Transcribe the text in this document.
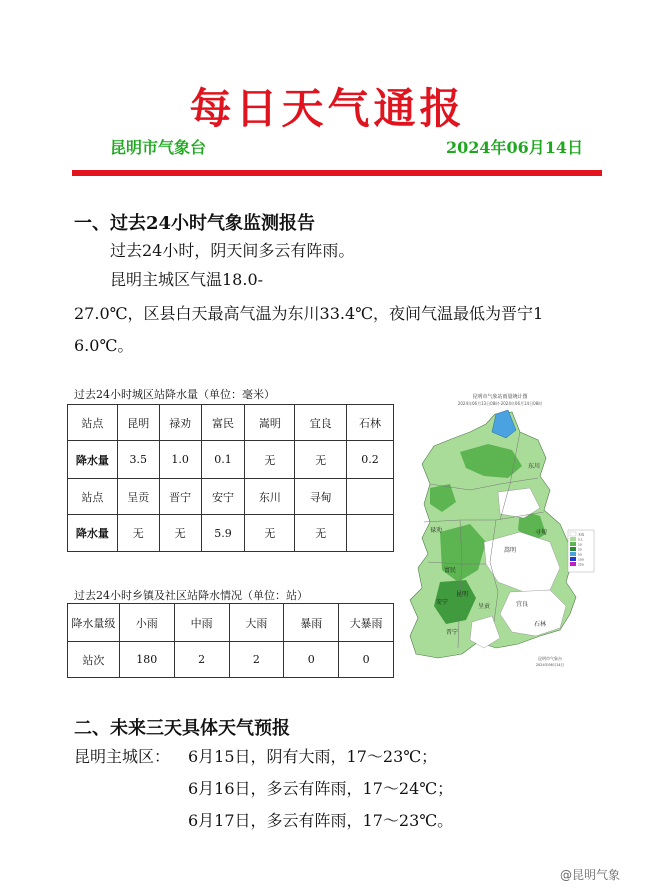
每日天气通报
昆明市气象台	2024年06月14日
一、过去24小时气象监测报告
过去24小时，阴天间多云有阵雨。
昆明主城区气温18.0-
27.0℃，区县白天最高气温为东川33.4℃，夜间气温最低为晋宁1
6.0℃。
过去24小时城区站降水量（单位：毫米）
站点	昆明	禄劝	富民	嵩明	宜良	石林
降水量	3.5	1.0	0.1	无	无	0.2
站点	呈贡	晋宁	安宁	东川	寻甸	
降水量	无	无	5.9	无	无	
过去24小时乡镇及社区站降水情况（单位：站）
降水量级	小雨	中雨	大雨	暴雨	大暴雨
站次	180	2	2	0	0
昆明市气象站雨量统计图
2024年06月13日08时-2024年06月14日08时
东川
禄劝	寻甸
富民
嵩明
安宁
昆明
呈贡
晋宁
宜良
石林
无雨
0.1
10
25
50
100
250
昆明市气象台
2024年06月14日
二、未来三天具体天气预报
昆明主城区： 6月15日，阴有大雨，17～23℃；
6月16日，多云有阵雨，17～24℃；
6月17日，多云有阵雨，17～23℃。
@昆明气象
